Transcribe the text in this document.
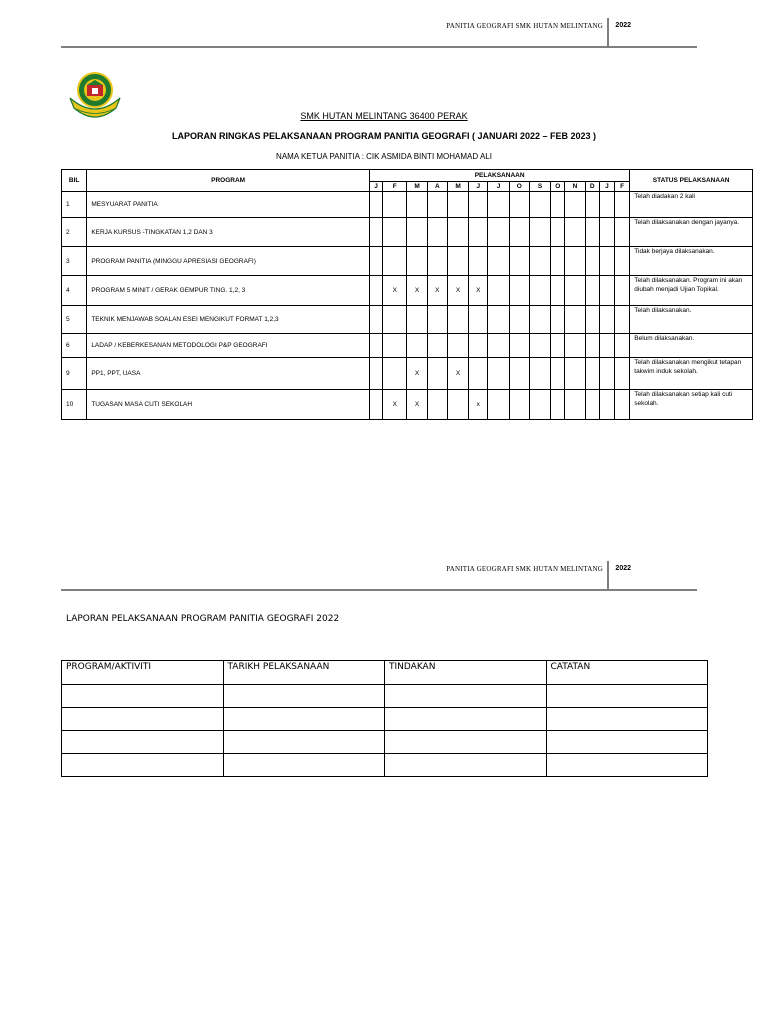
PANITIA GEOGRAFI SMK HUTAN MELINTANG 2022
SMK HUTAN MELINTANG 36400 PERAK
LAPORAN RINGKAS PELAKSANAAN PROGRAM PANITIA GEOGRAFI ( JANUARI 2022 – FEB 2023 )
NAMA KETUA PANITIA : CIK ASMIDA BINTI MOHAMAD ALI
BIL	PROGRAM	PELAKSANAAN														STATUS PELAKSANAAN
		J	F	M	A	M	J	J	O	S	O	N	D	J	F	
1	MESYUARAT PANITIA															Telah diadakan 2 kali
2	KERJA KURSUS -TINGKATAN 1,2 DAN 3															Telah dilaksanakan dengan jayanya.
3	PROGRAM PANITIA (MINGGU APRESIASI GEOGRAFI)															Tidak berjaya dilaksanakan.
4	PROGRAM 5 MINIT / GERAK GEMPUR TING. 1,2, 3		X	X	X	X	X									Telah dilaksanakan. Program ini akan diubah menjadi Ujian Topikal.
5	TEKNIK MENJAWAB SOALAN ESEI MENGIKUT FORMAT 1,2,3															Telah dilaksanakan.
6	LADAP / KEBERKESANAN METODOLOGI P&P GEOGRAFI															Belum dilaksanakan.
9	PP1, PPT, UASA			X		X										Telah dilaksanakan mengikut tetapan takwim induk sekolah.
10	TUGASAN MASA CUTI SEKOLAH		X	X			x									Telah dilaksanakan setiap kali cuti sekolah.
PANITIA GEOGRAFI SMK HUTAN MELINTANG 2022
LAPORAN PELAKSANAAN PROGRAM PANITIA GEOGRAFI 2022
PROGRAM/AKTIVITI	TARIKH PELAKSANAAN	TINDAKAN	CATATAN
